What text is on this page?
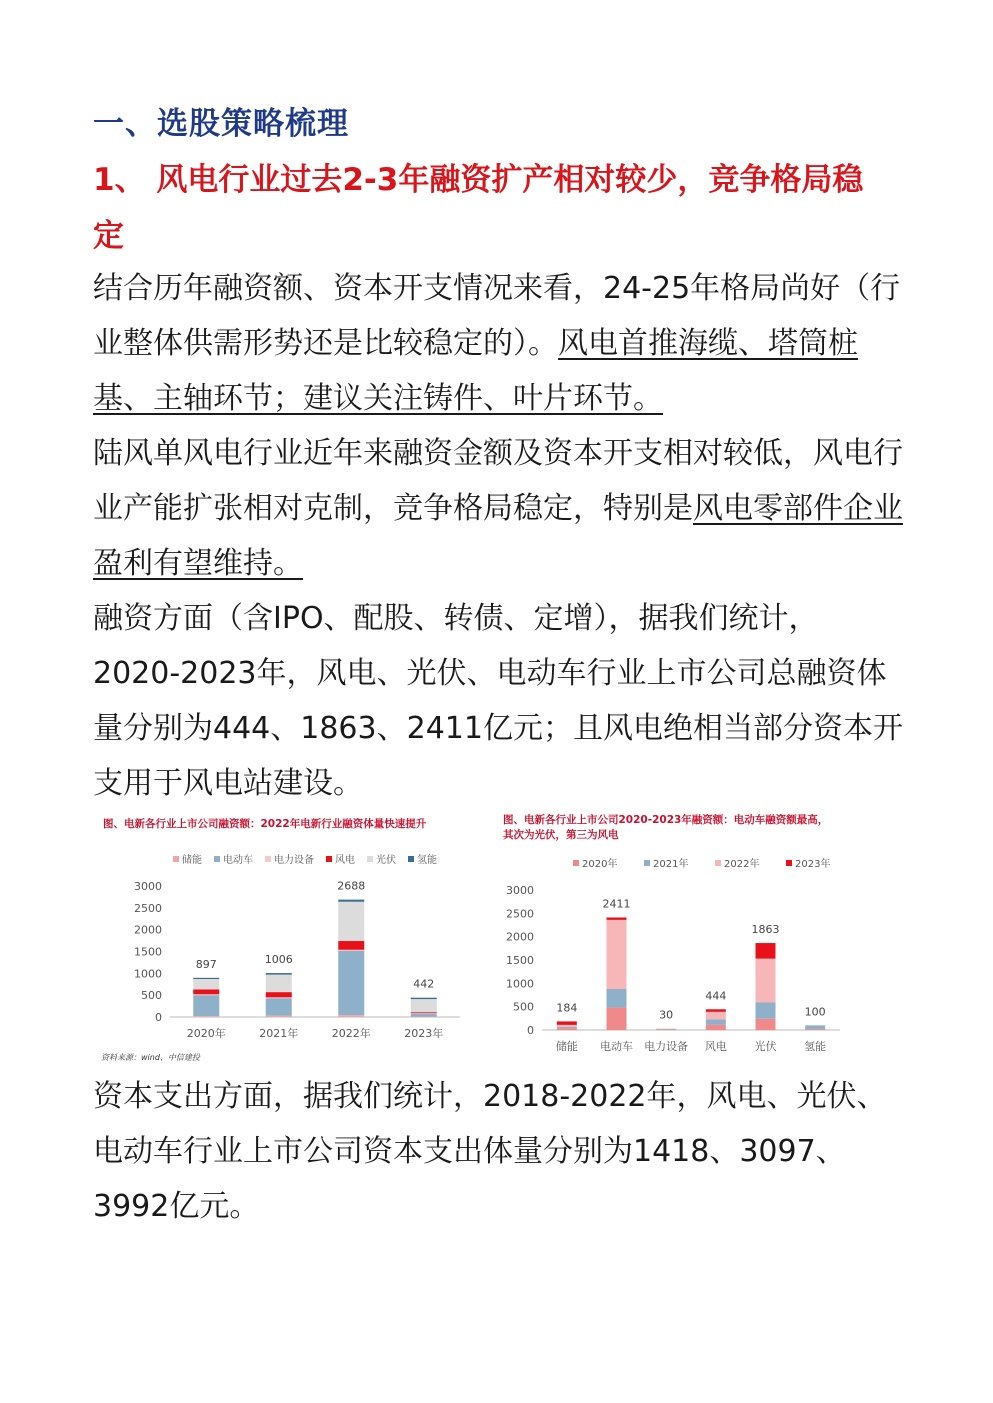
一、选股策略梳理
1、 风电行业过去2-3年融资扩产相对较少，竞争格局稳定
结合历年融资额、资本开支情况来看，24-25年格局尚好（行业整体供需形势还是比较稳定的）。风电首推海缆、塔筒桩基、主轴环节；建议关注铸件、叶片环节。
陆风单风电行业近年来融资金额及资本开支相对较低，风电行业产能扩张相对克制，竞争格局稳定，特别是风电零部件企业盈利有望维持。
融资方面（含IPO、配股、转债、定增），据我们统计，2020-2023年，风电、光伏、电动车行业上市公司总融资体量分别为444、1863、2411亿元；且风电绝相当部分资本开支用于风电站建设。
图、电新各行业上市公司融资额：2022年电新行业融资体量快速提升
储能 电动车 电力设备 风电 光伏 氢能
0
500
1000
1500
2000
2500
3000
897
2020年
1006
2021年
2688
2022年
442
2023年
资料来源：wind、中信建投
图、电新各行业上市公司2020-2023年融资额：电动车融资额最高，
其次为光伏，第三为风电
2020年	2021年	2022年	2023年
0
500
1000
1500
2000
2500
3000
184
储能
2411
电动车
30
电力设备
444
风电
1863
光伏
100
氢能
资本支出方面，据我们统计，2018-2022年，风电、光伏、电动车行业上市公司资本支出体量分别为1418、3097、3992亿元。
